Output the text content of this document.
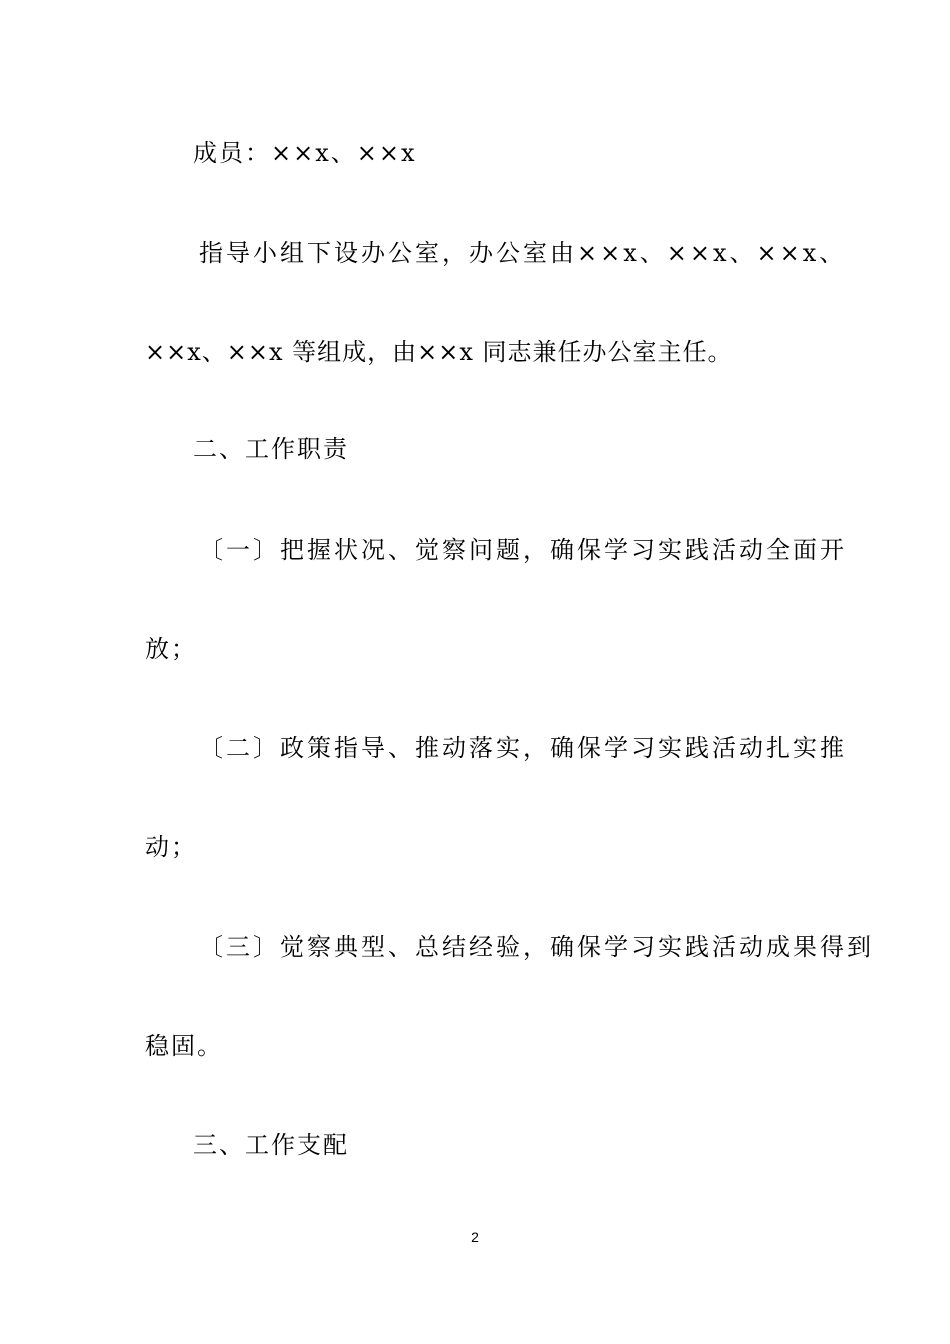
成员：××x、××x
指导小组下设办公室，办公室由××x、××x、××x、
××x、××x 等组成，由××x 同志兼任办公室主任。
二、工作职责
〔一〕把握状况、觉察问题，确保学习实践活动全面开
放；
〔二〕政策指导、推动落实，确保学习实践活动扎实推
动；
〔三〕觉察典型、总结经验，确保学习实践活动成果得到
稳固。
三、工作支配
2
